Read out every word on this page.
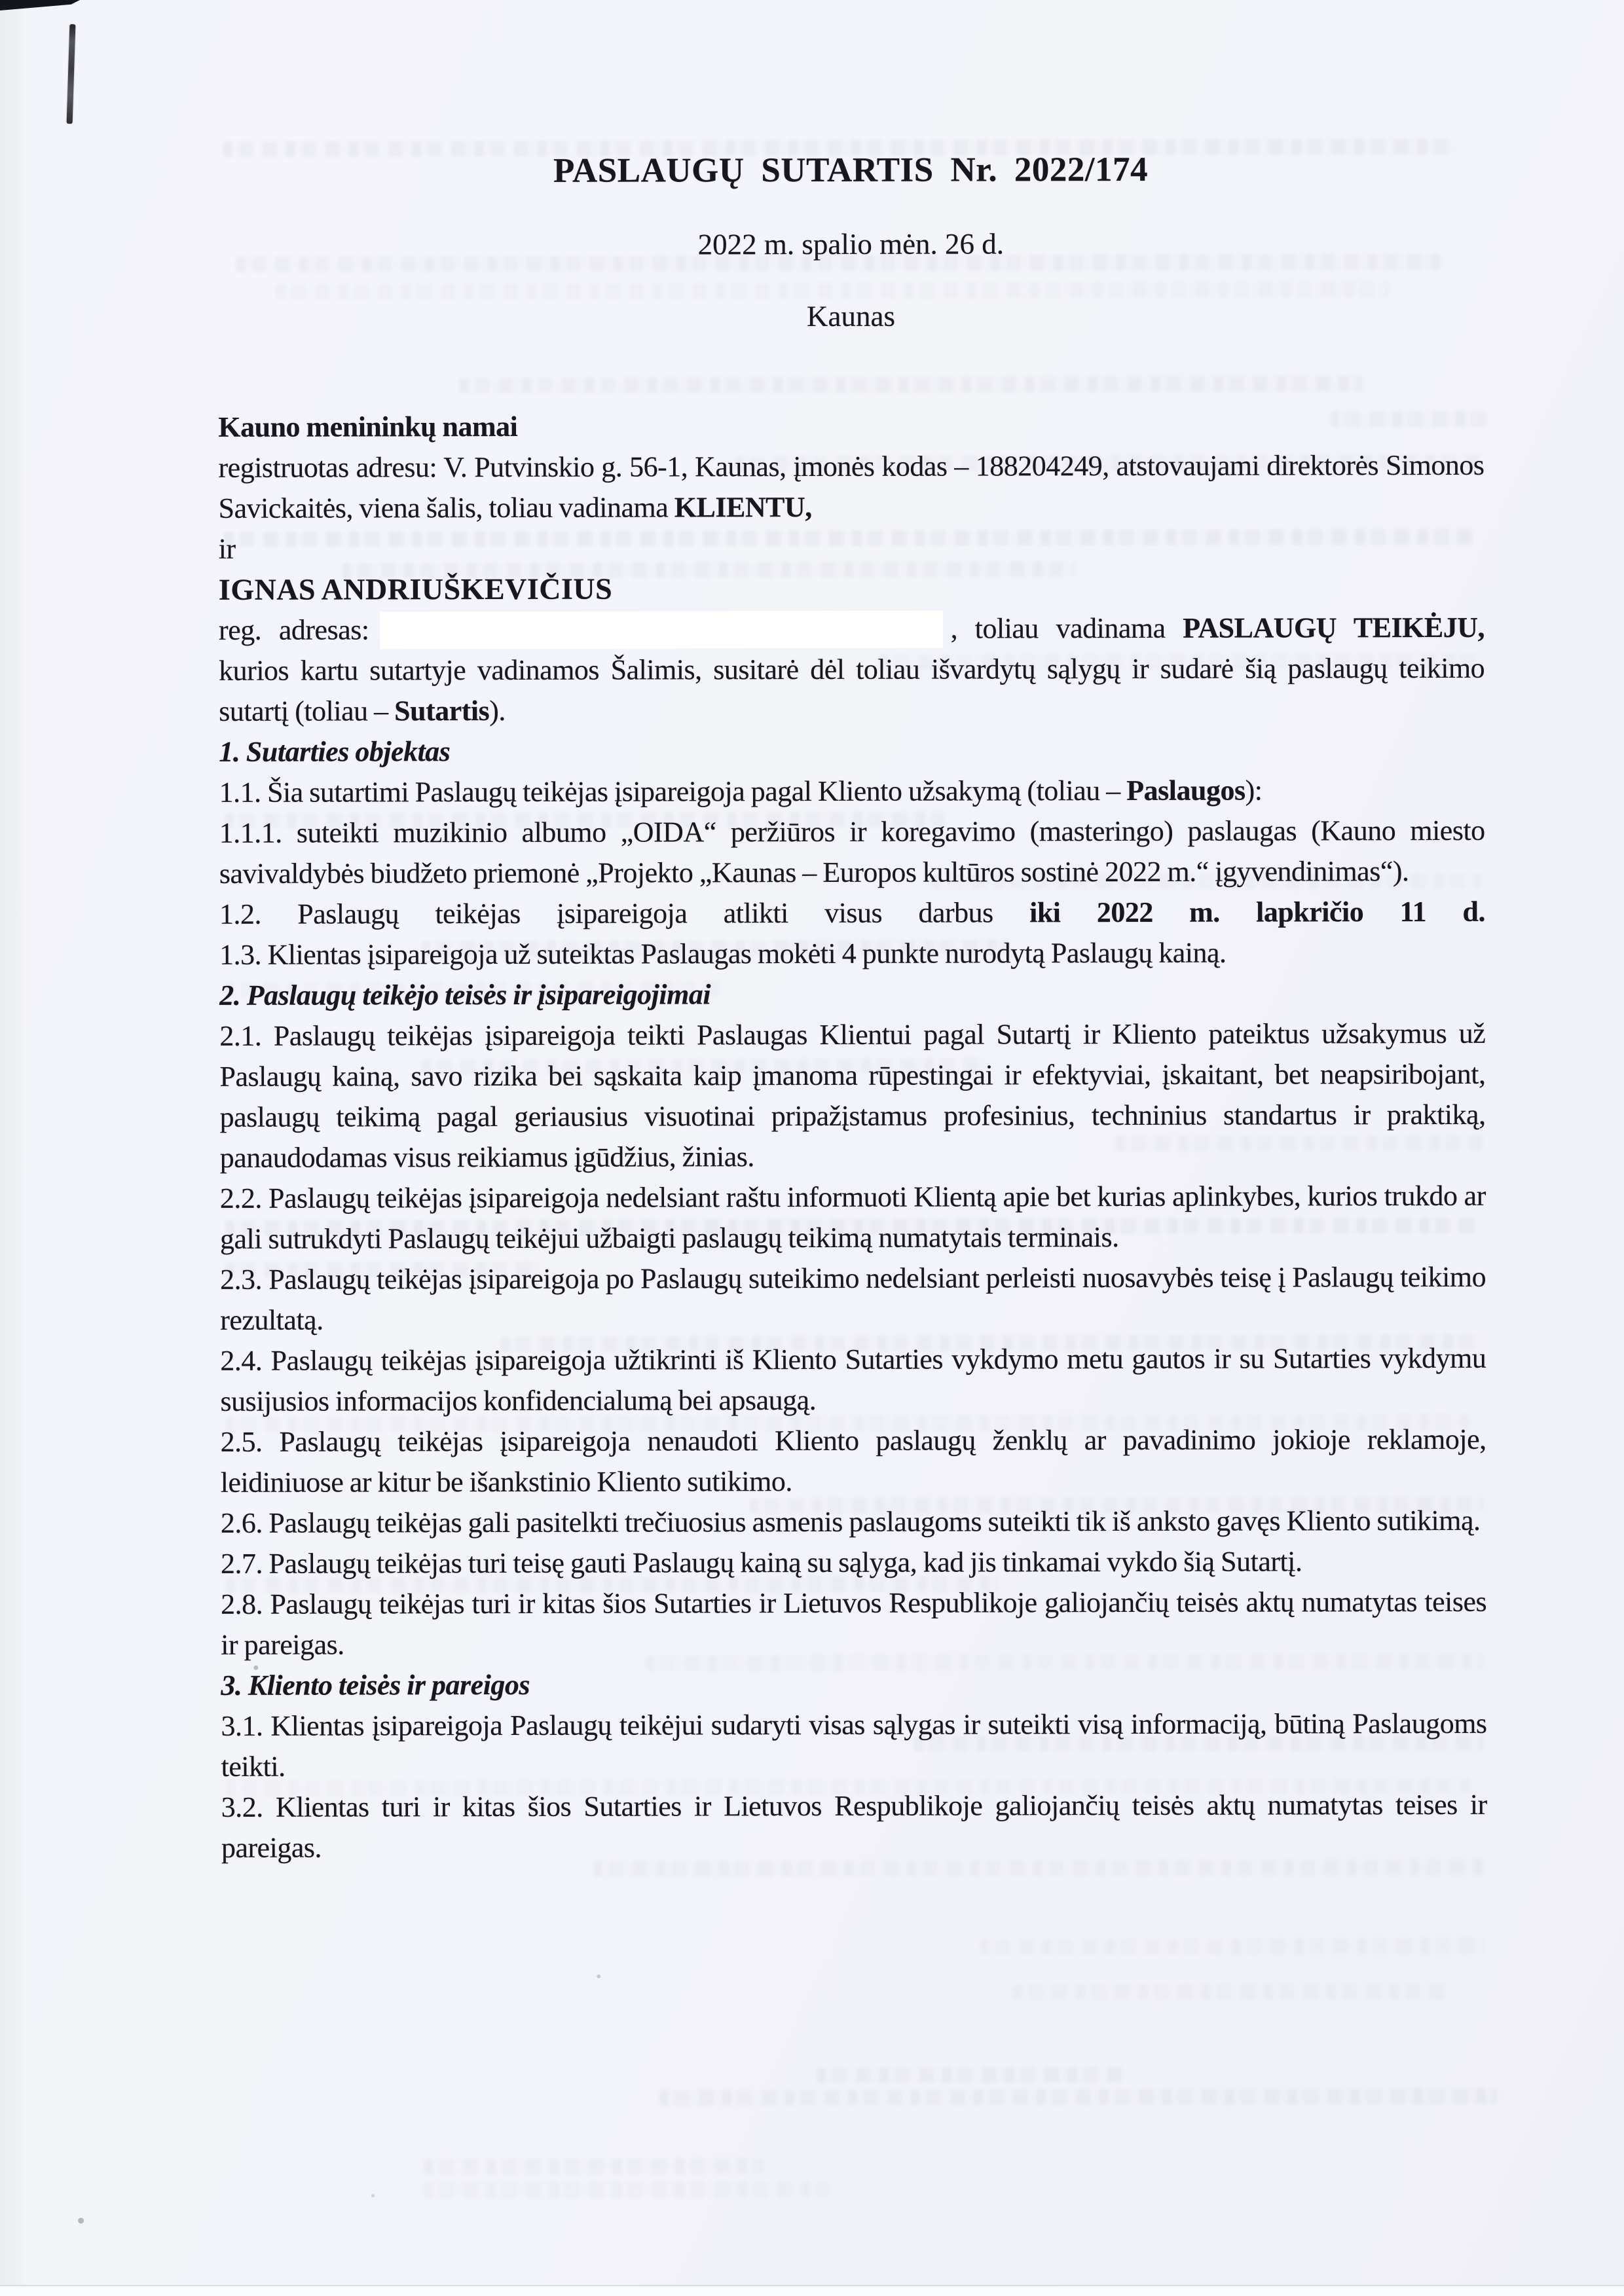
PASLAUGŲ SUTARTIS Nr. 2022/174
2022 m. spalio mėn. 26 d.
Kaunas

Kauno menininkų namai

registruotas adresu: V. Putvinskio g. 56-1, Kaunas, įmonės kodas – 188204249, atstovaujami direktorės Simonos Savickaitės, viena šalis, toliau vadinama KLIENTU,

ir

IGNAS ANDRIUŠKEVIČIUS

reg. adresas:	, toliau vadinama PASLAUGŲ TEIKĖJU, kurios kartu sutartyje vadinamos Šalimis, susitarė dėl toliau išvardytų sąlygų ir sudarė šią paslaugų teikimo sutartį (toliau – Sutartis).

1. Sutarties objektas

1.1. Šia sutartimi Paslaugų teikėjas įsipareigoja pagal Kliento užsakymą (toliau – Paslaugos):

1.1.1. suteikti muzikinio albumo „OIDA“ peržiūros ir koregavimo (masteringo) paslaugas (Kauno miesto savivaldybės biudžeto priemonė „Projekto „Kaunas – Europos kultūros sostinė 2022 m.“ įgyvendinimas“).

1.2. Paslaugų teikėjas įsipareigoja atlikti visus darbus iki 2022 m. lapkričio 11 d.

1.3. Klientas įsipareigoja už suteiktas Paslaugas mokėti 4 punkte nurodytą Paslaugų kainą.

2. Paslaugų teikėjo teisės ir įsipareigojimai

2.1. Paslaugų teikėjas įsipareigoja teikti Paslaugas Klientui pagal Sutartį ir Kliento pateiktus užsakymus už Paslaugų kainą, savo rizika bei sąskaita kaip įmanoma rūpestingai ir efektyviai, įskaitant, bet neapsiribojant, paslaugų teikimą pagal geriausius visuotinai pripažįstamus profesinius, techninius standartus ir praktiką, panaudodamas visus reikiamus įgūdžius, žinias.

2.2. Paslaugų teikėjas įsipareigoja nedelsiant raštu informuoti Klientą apie bet kurias aplinkybes, kurios trukdo ar gali sutrukdyti Paslaugų teikėjui užbaigti paslaugų teikimą numatytais terminais.

2.3. Paslaugų teikėjas įsipareigoja po Paslaugų suteikimo nedelsiant perleisti nuosavybės teisę į Paslaugų teikimo rezultatą.

2.4. Paslaugų teikėjas įsipareigoja užtikrinti iš Kliento Sutarties vykdymo metu gautos ir su Sutarties vykdymu susijusios informacijos konfidencialumą bei apsaugą.

2.5. Paslaugų teikėjas įsipareigoja nenaudoti Kliento paslaugų ženklų ar pavadinimo jokioje reklamoje, leidiniuose ar kitur be išankstinio Kliento sutikimo.

2.6. Paslaugų teikėjas gali pasitelkti trečiuosius asmenis paslaugoms suteikti tik iš anksto gavęs Kliento sutikimą.

2.7. Paslaugų teikėjas turi teisę gauti Paslaugų kainą su sąlyga, kad jis tinkamai vykdo šią Sutartį.

2.8. Paslaugų teikėjas turi ir kitas šios Sutarties ir Lietuvos Respublikoje galiojančių teisės aktų numatytas teises ir pareigas.

3. Kliento teisės ir pareigos

3.1. Klientas įsipareigoja Paslaugų teikėjui sudaryti visas sąlygas ir suteikti visą informaciją, būtiną Paslaugoms teikti.

3.2. Klientas turi ir kitas šios Sutarties ir Lietuvos Respublikoje galiojančių teisės aktų numatytas teises ir pareigas.
